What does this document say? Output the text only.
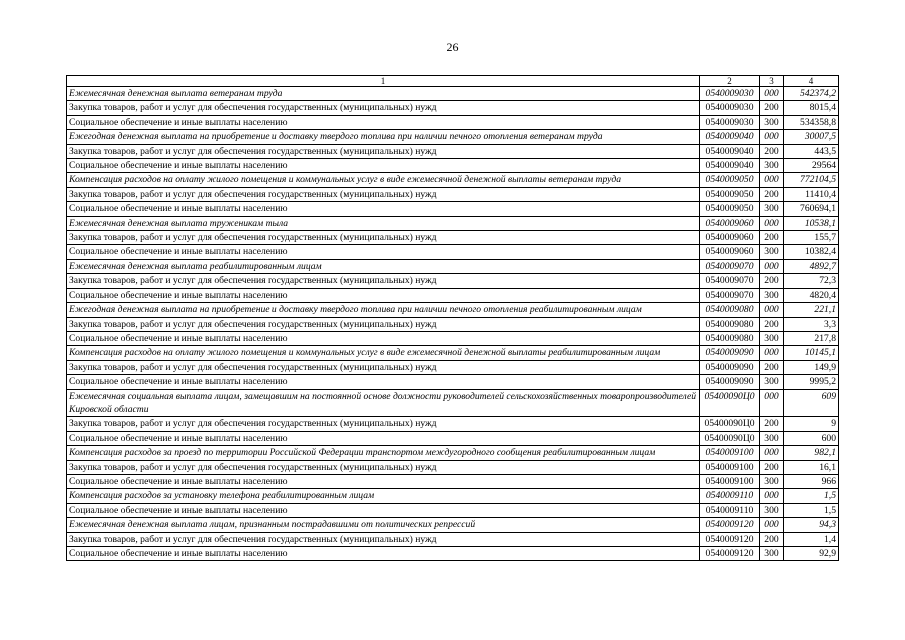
26
1	2	3	4
Ежемесячная денежная выплата ветеранам труда	0540009030	000	542374,2
Закупка товаров, работ и услуг для обеспечения государственных (муниципальных) нужд	0540009030	200	8015,4
Социальное обеспечение и иные выплаты населению	0540009030	300	534358,8
Ежегодная денежная выплата на приобретение и доставку твердого топлива при наличии печного отопления ветеранам труда	0540009040	000	30007,5
Закупка товаров, работ и услуг для обеспечения государственных (муниципальных) нужд	0540009040	200	443,5
Социальное обеспечение и иные выплаты населению	0540009040	300	29564
Компенсация расходов на оплату жилого помещения и коммунальных услуг в виде ежемесячной денежной выплаты ветеранам труда	0540009050	000	772104,5
Закупка товаров, работ и услуг для обеспечения государственных (муниципальных) нужд	0540009050	200	11410,4
Социальное обеспечение и иные выплаты населению	0540009050	300	760694,1
Ежемесячная денежная выплата труженикам тыла	0540009060	000	10538,1
Закупка товаров, работ и услуг для обеспечения государственных (муниципальных) нужд	0540009060	200	155,7
Социальное обеспечение и иные выплаты населению	0540009060	300	10382,4
Ежемесячная денежная выплата реабилитированным лицам	0540009070	000	4892,7
Закупка товаров, работ и услуг для обеспечения государственных (муниципальных) нужд	0540009070	200	72,3
Социальное обеспечение и иные выплаты населению	0540009070	300	4820,4
Ежегодная денежная выплата на приобретение и доставку твердого топлива при наличии печного отопления реабилитированным лицам	0540009080	000	221,1
Закупка товаров, работ и услуг для обеспечения государственных (муниципальных) нужд	0540009080	200	3,3
Социальное обеспечение и иные выплаты населению	0540009080	300	217,8
Компенсация расходов на оплату жилого помещения и коммунальных услуг в виде ежемесячной денежной выплаты реабилитированным лицам	0540009090	000	10145,1
Закупка товаров, работ и услуг для обеспечения государственных (муниципальных) нужд	0540009090	200	149,9
Социальное обеспечение и иные выплаты населению	0540009090	300	9995,2
Ежемесячная социальная выплата лицам, замещавшим на постоянной основе должности руководителей сельскохозяйственных товаропроизводителей Кировской области	05400090Ц0	000	609
Закупка товаров, работ и услуг для обеспечения государственных (муниципальных) нужд	05400090Ц0	200	9
Социальное обеспечение и иные выплаты населению	05400090Ц0	300	600
Компенсация расходов за проезд по территории Российской Федерации транспортом междугородного сообщения реабилитированным лицам	0540009100	000	982,1
Закупка товаров, работ и услуг для обеспечения государственных (муниципальных) нужд	0540009100	200	16,1
Социальное обеспечение и иные выплаты населению	0540009100	300	966
Компенсация расходов за установку телефона реабилитированным лицам	0540009110	000	1,5
Социальное обеспечение и иные выплаты населению	0540009110	300	1,5
Ежемесячная денежная выплата лицам, признанным пострадавшими от политических репрессий	0540009120	000	94,3
Закупка товаров, работ и услуг для обеспечения государственных (муниципальных) нужд	0540009120	200	1,4
Социальное обеспечение и иные выплаты населению	0540009120	300	92,9
